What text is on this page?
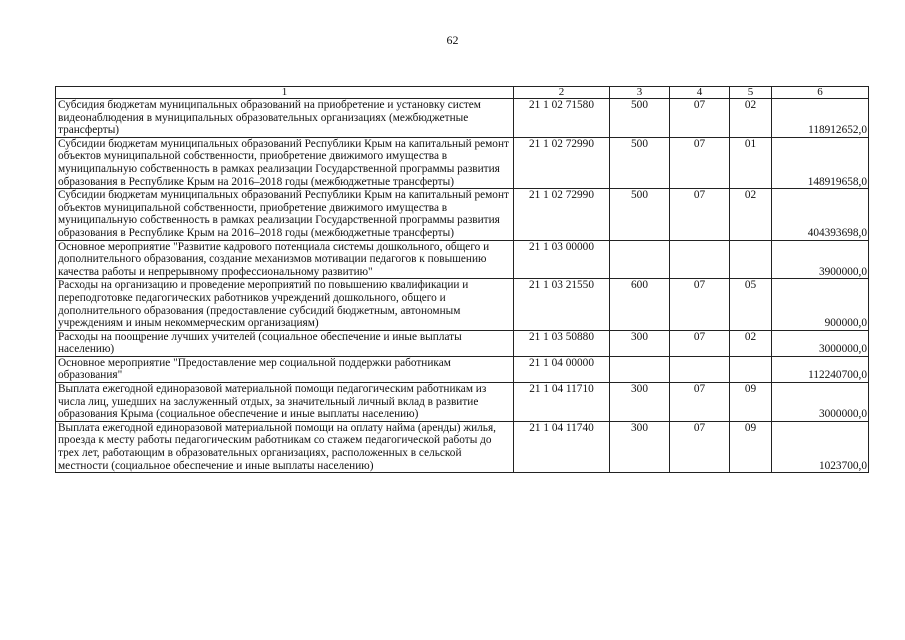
62
1	2	3	4	5	6
Субсидия бюджетам муниципальных образований на приобретение и установку систем видеонаблюдения в муниципальных образовательных организациях (межбюджетные трансферты)	21 1 02 71580	500	07	02	118912652,0
Субсидии бюджетам муниципальных образований Республики Крым на капитальный ремонт объектов муниципальной собственности, приобретение движимого имущества в муниципальную собственность в рамках реализации Государственной программы развития образования в Республике Крым на 2016–2018 годы (межбюджетные трансферты)	21 1 02 72990	500	07	01	148919658,0
Субсидии бюджетам муниципальных образований Республики Крым на капитальный ремонт объектов муниципальной собственности, приобретение движимого имущества в муниципальную собственность в рамках реализации Государственной программы развития образования в Республике Крым на 2016–2018 годы (межбюджетные трансферты)	21 1 02 72990	500	07	02	404393698,0
Основное мероприятие "Развитие кадрового потенциала системы дошкольного, общего и дополнительного образования, создание механизмов мотивации педагогов к повышению качества работы и непрерывному профессиональному развитию"	21 1 03 00000				3900000,0
Расходы на организацию и проведение мероприятий по повышению квалификации и переподготовке педагогических работников учреждений дошкольного, общего и дополнительного образования (предоставление субсидий бюджетным, автономным учреждениям и иным некоммерческим организациям)	21 1 03 21550	600	07	05	900000,0
Расходы на поощрение лучших учителей (социальное обеспечение и иные выплаты населению)	21 1 03 50880	300	07	02	3000000,0
Основное мероприятие "Предоставление мер социальной поддержки работникам образования"	21 1 04 00000				112240700,0
Выплата ежегодной единоразовой материальной помощи педагогическим работникам из числа лиц, ушедших на заслуженный отдых, за значительный личный вклад в развитие образования Крыма (социальное обеспечение и иные выплаты населению)	21 1 04 11710	300	07	09	3000000,0
Выплата ежегодной единоразовой материальной помощи на оплату найма (аренды) жилья, проезда к месту работы педагогическим работникам со стажем педагогической работы до трех лет, работающим в образовательных организациях, расположенных в сельской местности (социальное обеспечение и иные выплаты населению)	21 1 04 11740	300	07	09	1023700,0
